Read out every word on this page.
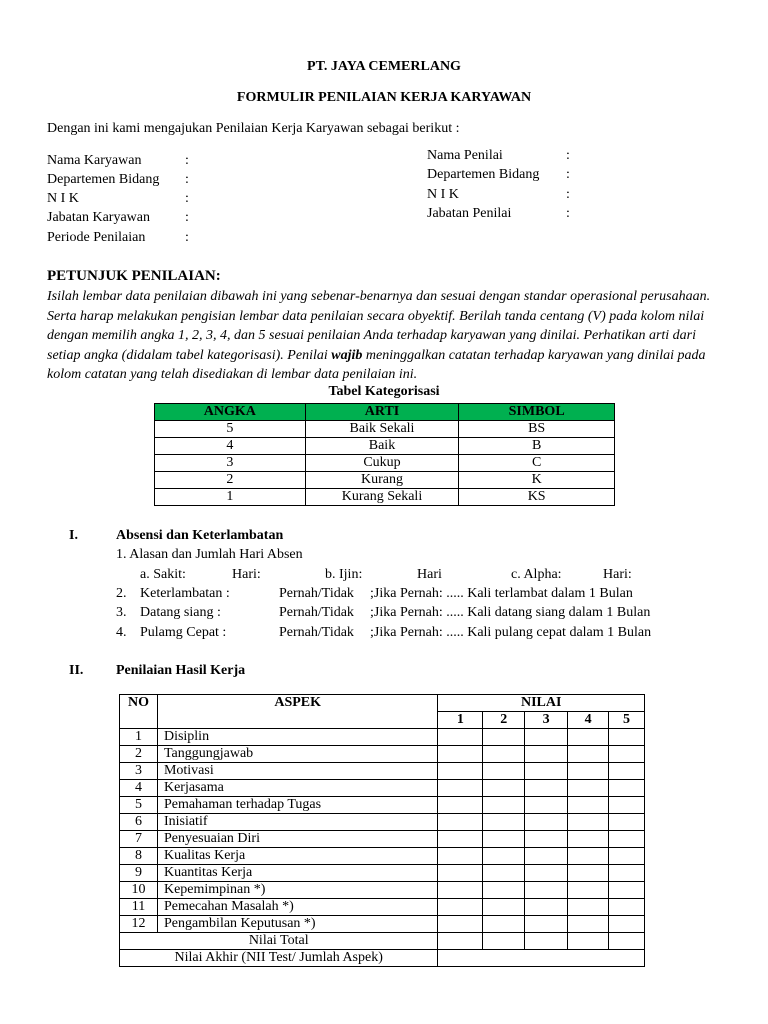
PT. JAYA CEMERLANG
FORMULIR PENILAIAN KERJA KARYAWAN
Dengan ini kami mengajukan Penilaian Kerja Karyawan sebagai berikut :
Nama Karyawan	:
Departemen Bidang :
N I K	:
Jabatan Karyawan :
Periode Penilaian	:
Nama Penilai	:
Departemen Bidang :
N I K	:
Jabatan Penilai	:
PETUNJUK PENILAIAN:

Isilah lembar data penilaian dibawah ini yang sebenar-benarnya dan sesuai dengan standar operasional perusahaan. Serta harap melakukan pengisian lembar data penilaian secara obyektif. Berilah tanda centang (V) pada kolom nilai dengan memilih angka 1, 2, 3, 4, dan 5 sesuai penilaian Anda terhadap karyawan yang dinilai. Perhatikan arti dari setiap angka (didalam tabel kategorisasi). Penilai wajib meninggalkan catatan terhadap karyawan yang dinilai pada kolom catatan yang telah disediakan di lembar data penilaian ini.

Tabel Kategorisasi
ANGKA	ARTI	SIMBOL
5	Baik Sekali	BS
4	Baik	B
3	Cukup	C
2	Kurang	K
1	Kurang Sekali	KS
I.	Absensi dan Keterlambatan
1. Alasan dan Jumlah Hari Absen
a. Sakit:	Hari:	b. Ijin:	Hari	c. Alpha:	Hari:
2. Keterlambatan :	Pernah/Tidak ;Jika Pernah: ..... Kali terlambat dalam 1 Bulan
3. Datang siang :	Pernah/Tidak ;Jika Pernah: ..... Kali datang siang dalam 1 Bulan
4. Pulamg Cepat :	Pernah/Tidak ;Jika Pernah: ..... Kali pulang cepat dalam 1 Bulan
II. Penilaian Hasil Kerja
NO	ASPEK	NILAI				
		1	2	3	4	5
1	Disiplin					
2	Tanggungjawab					
3	Motivasi					
4	Kerjasama					
5	Pemahaman terhadap Tugas					
6	Inisiatif					
7	Penyesuaian Diri					
8	Kualitas Kerja					
9	Kuantitas Kerja					
10	Kepemimpinan *)					
11	Pemecahan Masalah *)					
12	Pengambilan Keputusan *)					
Nilai Total						
Nilai Akhir (NII Test/ Jumlah Aspek)						
